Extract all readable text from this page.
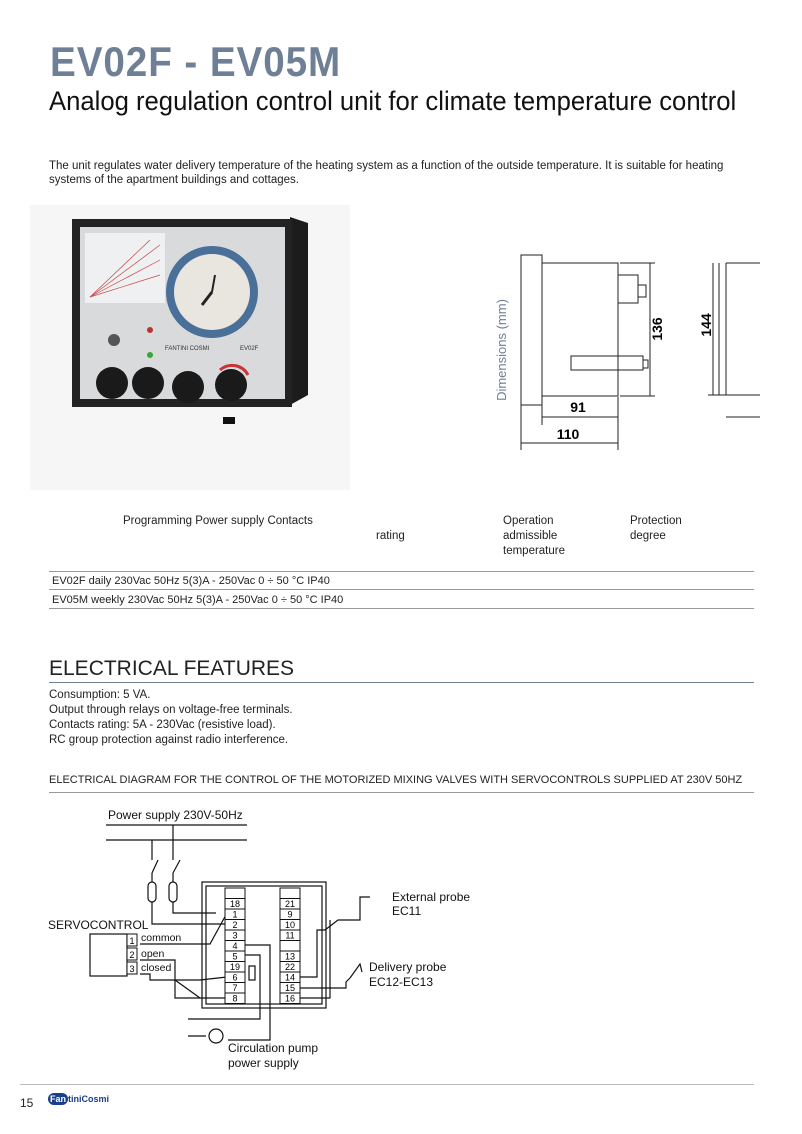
EV02F - EV05M
Analog regulation control unit for climate temperature control
The unit regulates water delivery temperature of the heating system as a function of the outside temperature. It is suitable for heating systems of the apartment buildings and cottages.
FANTINI COSMI	EV02F
91
110
136 144
Dimensions (mm)
Programming Power supply Contacts
rating
Operation
admissible
temperature
Protection
degree
EV02F daily 230Vac 50Hz 5(3)A - 250Vac 0 ÷ 50 °C IP40
EV05M weekly 230Vac 50Hz 5(3)A - 250Vac 0 ÷ 50 °C IP40
ELECTRICAL FEATURES
Consumption: 5 VA.
Output through relays on voltage-free terminals.
Contacts rating: 5A - 230Vac (resistive load).
RC group protection against radio interference.
ELECTRICAL DIAGRAM FOR THE CONTROL OF THE MOTORIZED MIXING VALVES WITH SERVOCONTROLS SUPPLIED AT 230V 50HZ
Power supply 230V-50Hz
SERVOCONTROL
common
open
closed
External probe
EC11
Delivery probe
EC12-EC13
Circulation pump
power supply
18
1
2
3
4
5
19
6
7
8
21
9
10
11
13
22
14
15
16
1
2
3
15 Fan tiniCosmi
